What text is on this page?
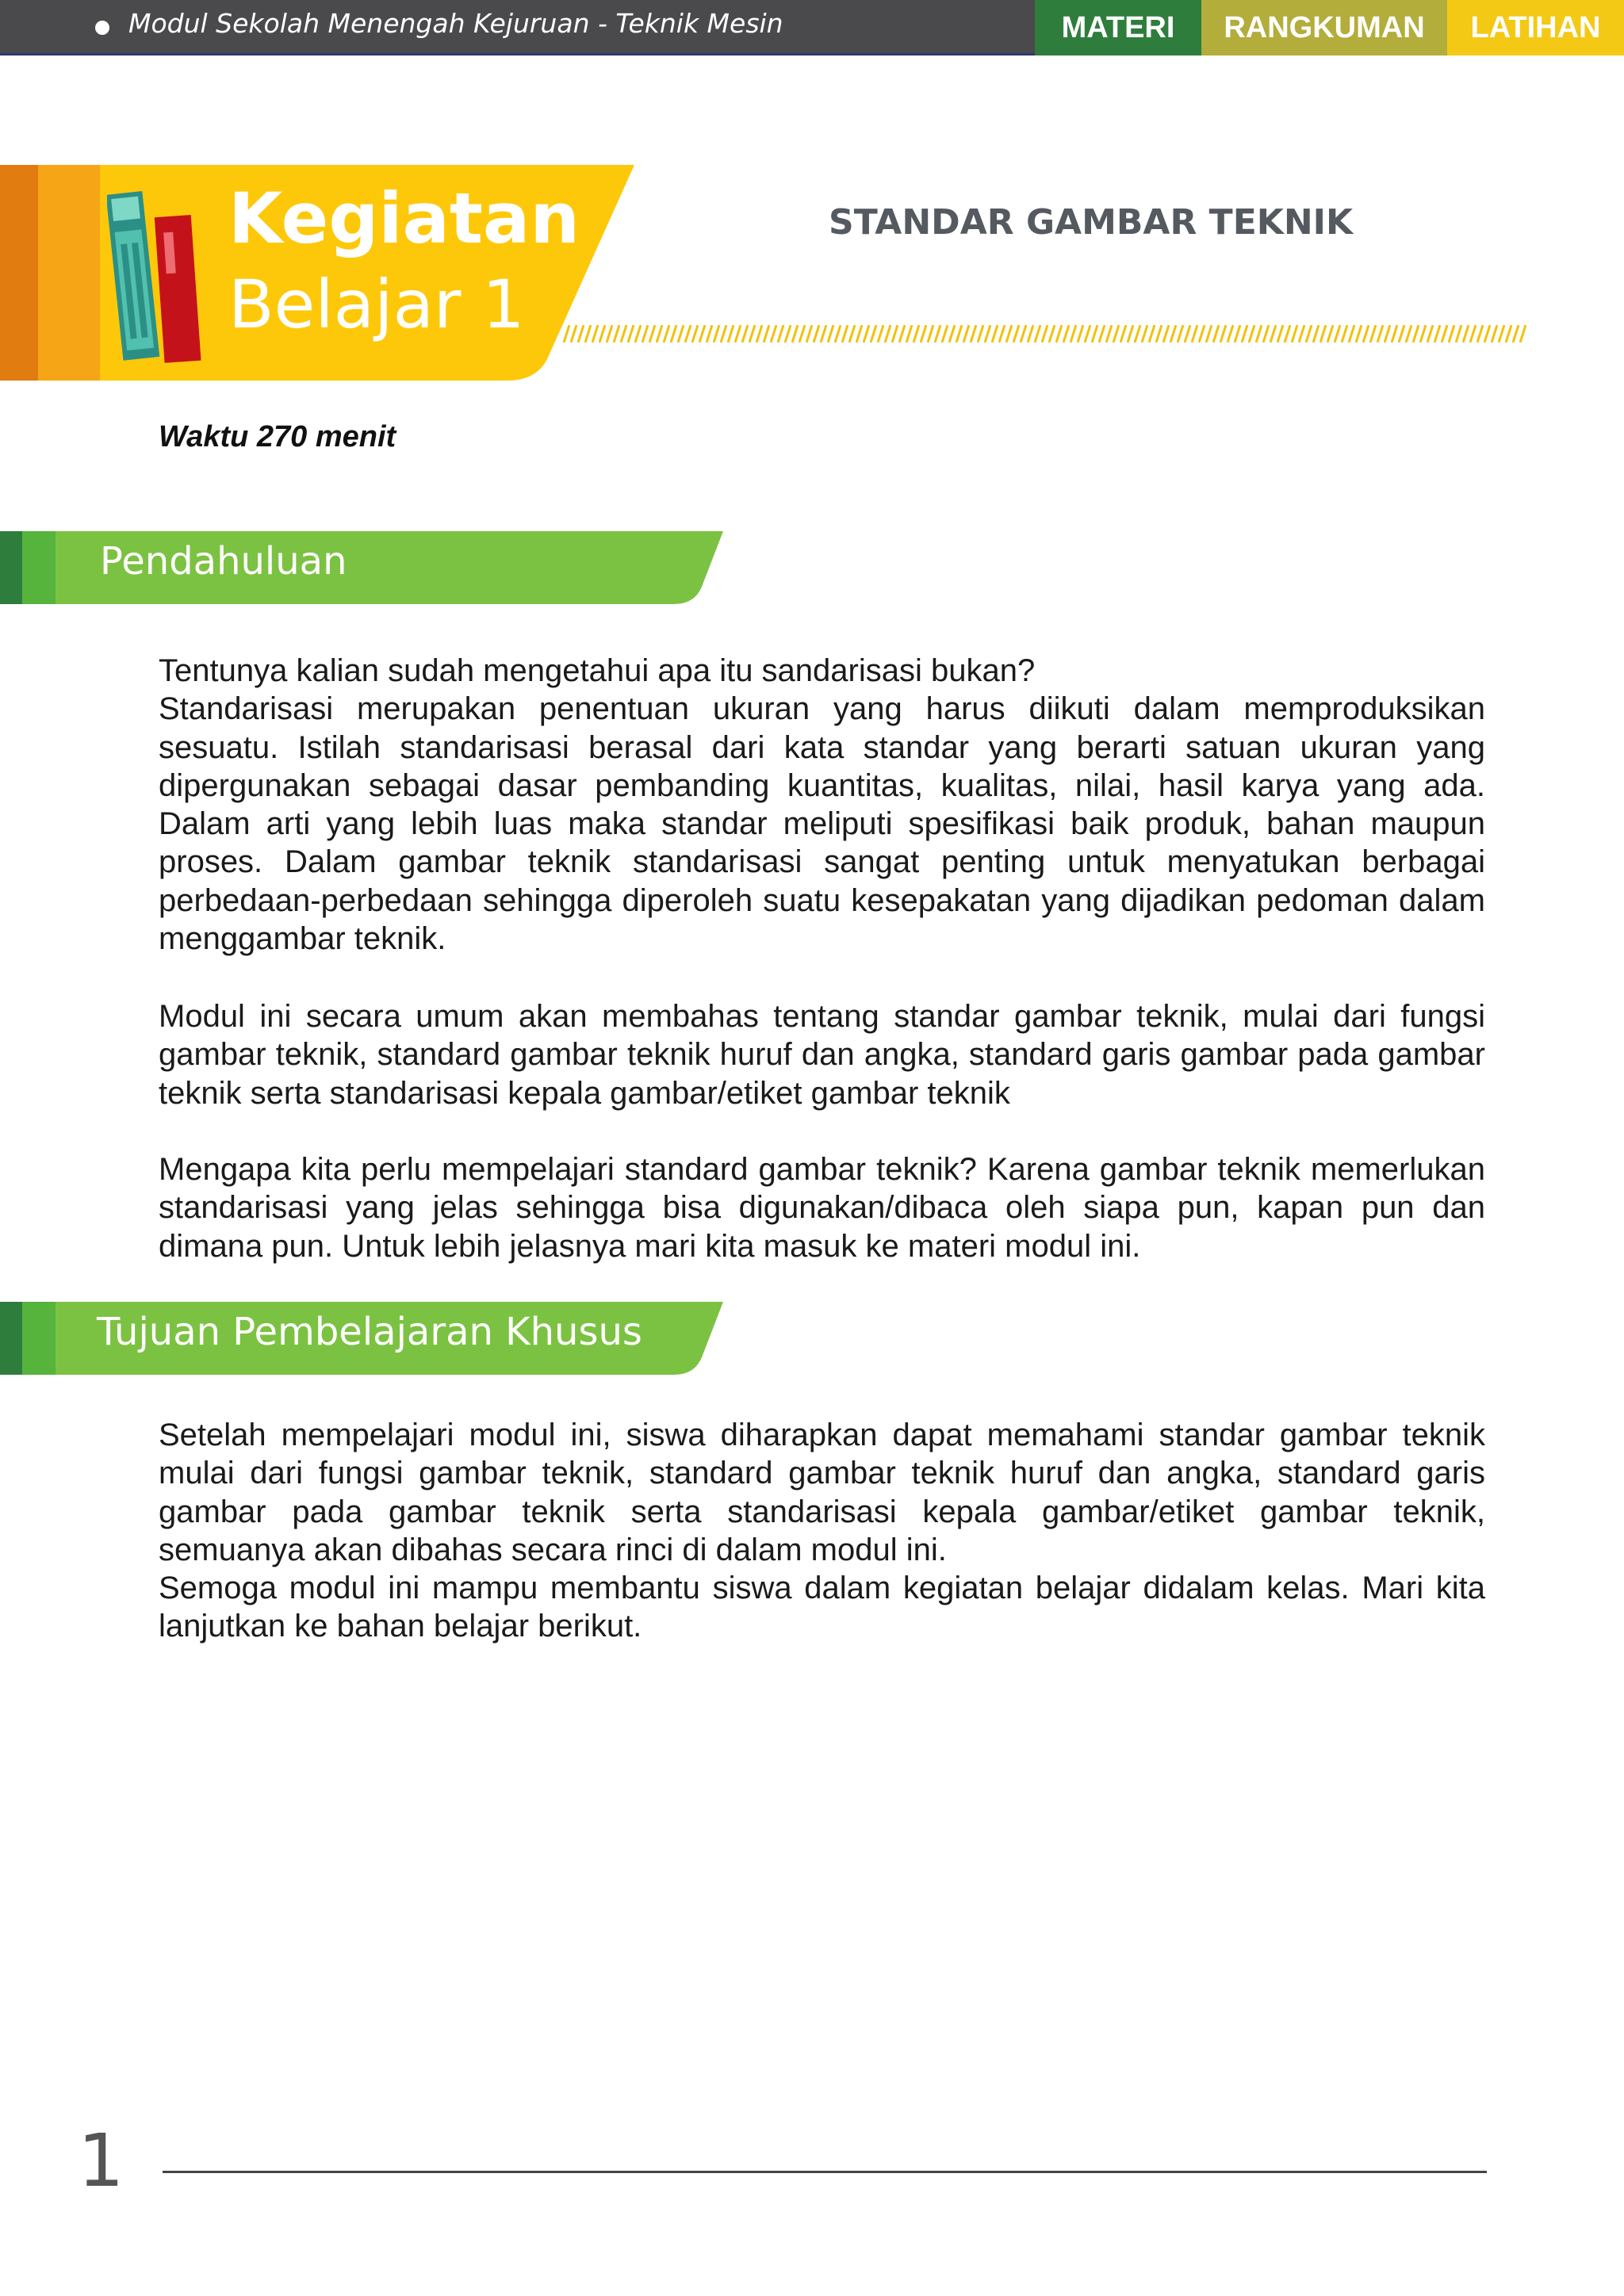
Modul Sekolah Menengah Kejuruan - Teknik Mesin	MATERI	RANGKUMAN	LATIHAN
Kegiatan
Belajar 1
STANDAR GAMBAR TEKNIK
Waktu 270 menit
Pendahuluan

Tentunya kalian sudah mengetahui apa itu sandarisasi bukan?
Standarisasi merupakan penentuan ukuran yang harus diikuti dalam memproduksikan sesuatu. Istilah standarisasi berasal dari kata standar yang berarti satuan ukuran yang dipergunakan sebagai dasar pembanding kuantitas, kualitas, nilai, hasil karya yang ada. Dalam arti yang lebih luas maka standar meliputi spesifikasi baik produk, bahan maupun proses. Dalam gambar teknik standarisasi sangat penting untuk menyatukan berbagai perbedaan-perbedaan sehingga diperoleh suatu kesepakatan yang dijadikan pedoman dalam menggambar teknik.

Modul ini secara umum akan membahas tentang standar gambar teknik, mulai dari fungsi gambar teknik, standard gambar teknik huruf dan angka, standard garis gambar pada gambar teknik serta standarisasi kepala gambar/etiket gambar teknik

Mengapa kita perlu mempelajari standard gambar teknik? Karena gambar teknik memerlukan standarisasi yang jelas sehingga bisa digunakan/dibaca oleh siapa pun, kapan pun dan dimana pun. Untuk lebih jelasnya mari kita masuk ke materi modul ini.

Tujuan Pembelajaran Khusus

Setelah mempelajari modul ini, siswa diharapkan dapat memahami standar gambar teknik mulai dari fungsi gambar teknik, standard gambar teknik huruf dan angka, standard garis gambar pada gambar teknik serta standarisasi kepala gambar/etiket gambar teknik, semuanya akan dibahas secara rinci di dalam modul ini.

Semoga modul ini mampu membantu siswa dalam kegiatan belajar didalam kelas. Mari kita lanjutkan ke bahan belajar berikut.

1
